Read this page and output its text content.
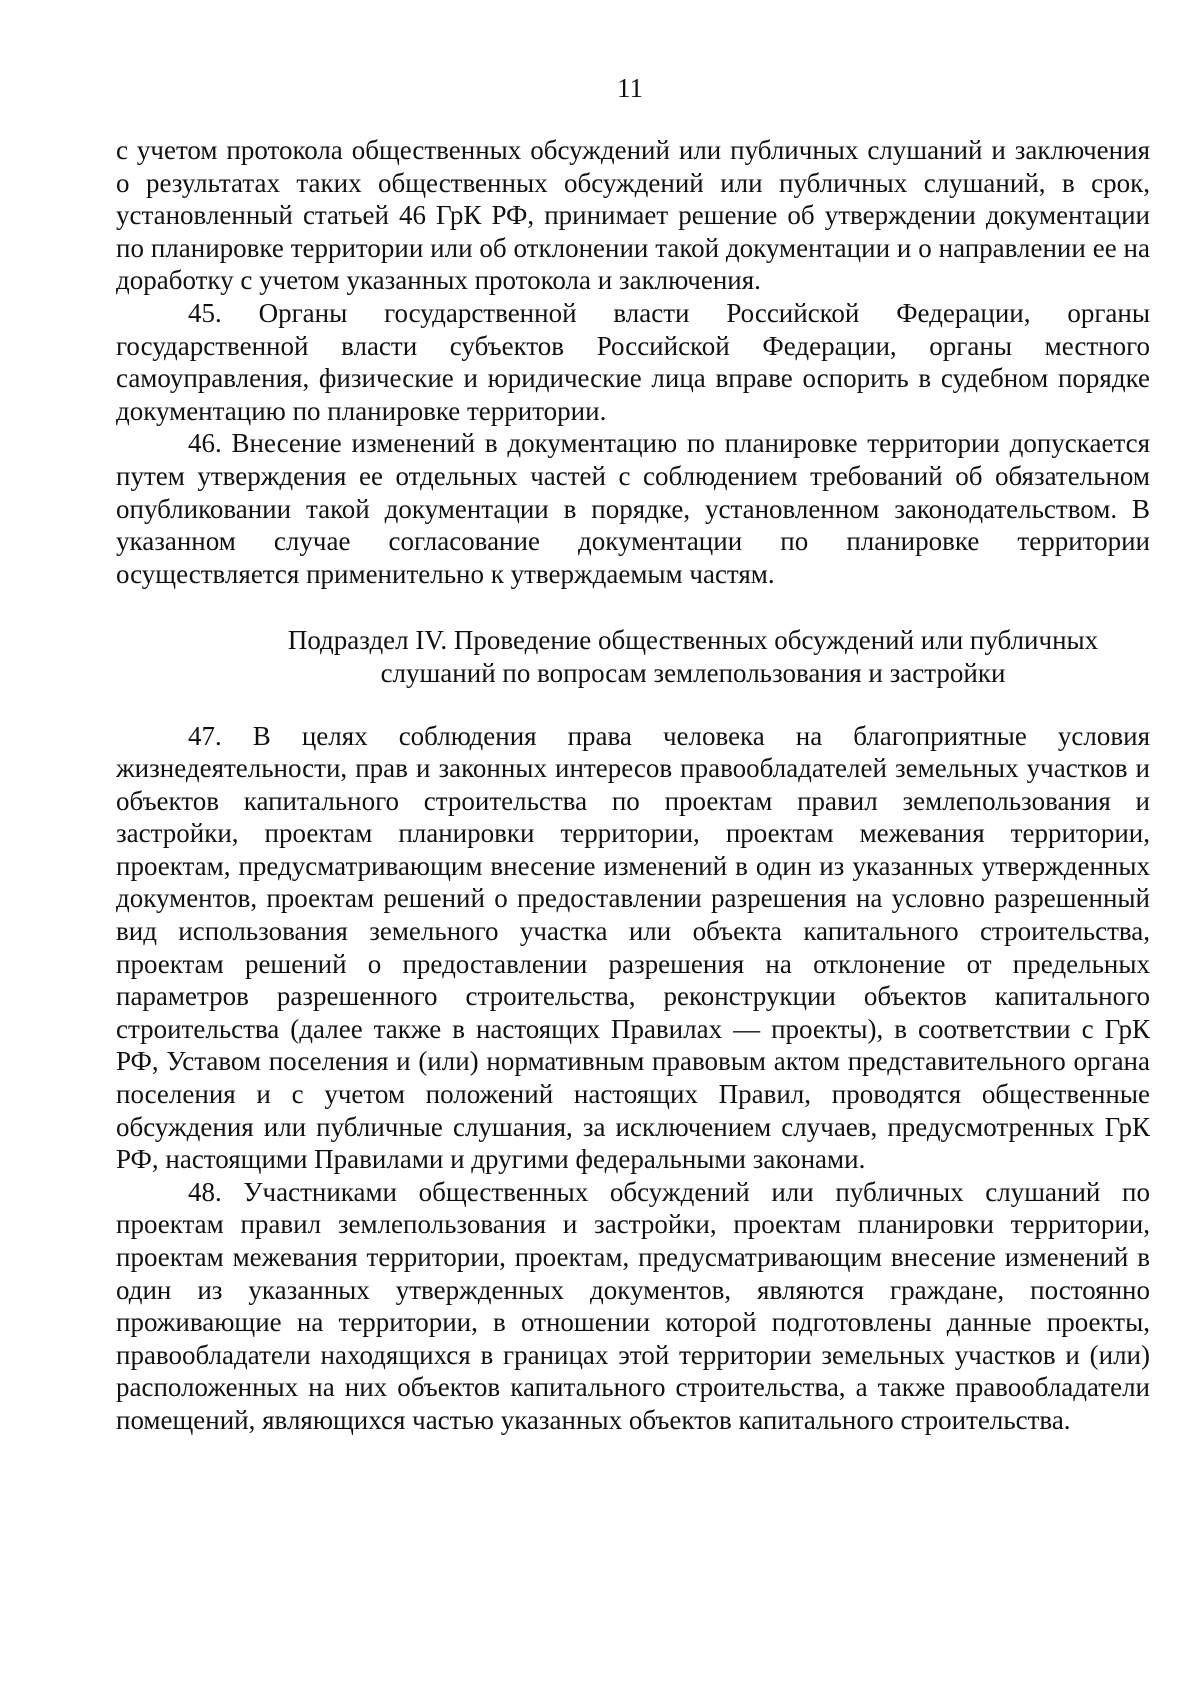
11

с учетом протокола общественных обсуждений или публичных слушаний и заключения о результатах таких общественных обсуждений или публичных слушаний, в срок, установленный статьей 46 ГрК РФ, принимает решение об утверждении документации по планировке территории или об отклонении такой документации и о направлении ее на доработку с учетом указанных протокола и заключения.

45. Органы государственной власти Российской Федерации, органы государственной власти субъектов Российской Федерации, органы местного самоуправления, физические и юридические лица вправе оспорить в судебном порядке документацию по планировке территории.

46. Внесение изменений в документацию по планировке территории допускается путем утверждения ее отдельных частей с соблюдением требований об обязательном опубликовании такой документации в порядке, установленном законодательством. В указанном случае согласование документации по планировке территории осуществляется применительно к утверждаемым частям.

Подраздел IV. Проведение общественных обсуждений или публичных
слушаний по вопросам землепользования и застройки

47. В целях соблюдения права человека на благоприятные условия жизнедеятельности, прав и законных интересов правообладателей земельных участков и объектов капитального строительства по проектам правил землепользования и застройки, проектам планировки территории, проектам межевания территории, проектам, предусматривающим внесение изменений в один из указанных утвержденных документов, проектам решений о предоставлении разрешения на условно разрешенный вид использования земельного участка или объекта капитального строительства, проектам решений о предоставлении разрешения на отклонение от предельных параметров разрешенного строительства, реконструкции объектов капитального строительства (далее также в настоящих Правилах — проекты), в соответствии с ГрК РФ, Уставом поселения и (или) нормативным правовым актом представительного органа поселения и с учетом положений настоящих Правил, проводятся общественные обсуждения или публичные слушания, за исключением случаев, предусмотренных ГрК РФ, настоящими Правилами и другими федеральными законами.

48. Участниками общественных обсуждений или публичных слушаний по проектам правил землепользования и застройки, проектам планировки территории, проектам межевания территории, проектам, предусматривающим внесение изменений в один из указанных утвержденных документов, являются граждане, постоянно проживающие на территории, в отношении которой подготовлены данные проекты, правообладатели находящихся в границах этой территории земельных участков и (или) расположенных на них объектов капитального строительства, а также правообладатели помещений, являющихся частью указанных объектов капитального строительства.
